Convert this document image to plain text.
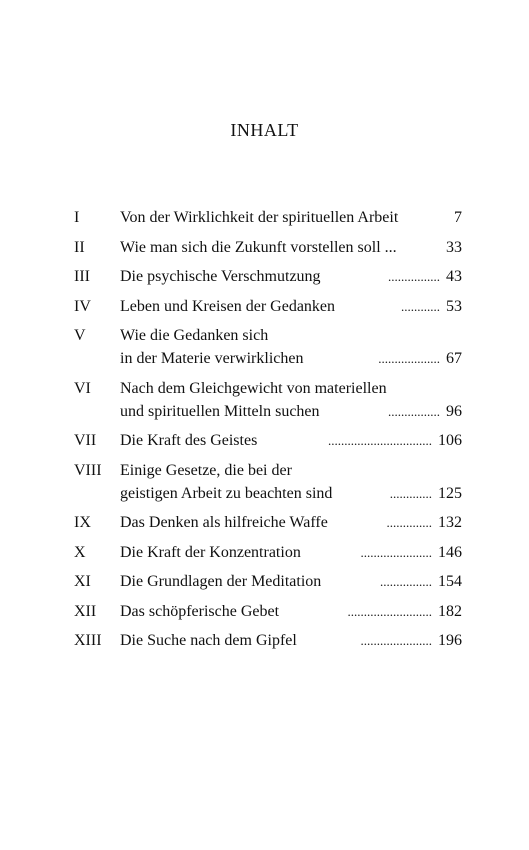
INHALT
I	Von der Wirklichkeit der spirituellen Arbeit	7
II	Wie man sich die Zukunft vorstellen soll ...	33
III	Die psychische Verschmutzung	................ 43
IV	Leben und Kreisen der Gedanken	............ 53
V	Wie die Gedanken sich
in der Materie verwirklichen	................... 67
VI	Nach dem Gleichgewicht von materiellen
und spirituellen Mitteln suchen	................ 96
VII	Die Kraft des Geistes	................................ 106
VIII	Einige Gesetze, die bei der
geistigen Arbeit zu beachten sind	............. 125
IX	Das Denken als hilfreiche Waffe	.............. 132
X	Die Kraft der Konzentration	...................... 146
XI	Die Grundlagen der Meditation	................ 154
XII	Das schöpferische Gebet	.......................... 182
XIII	Die Suche nach dem Gipfel	...................... 196
